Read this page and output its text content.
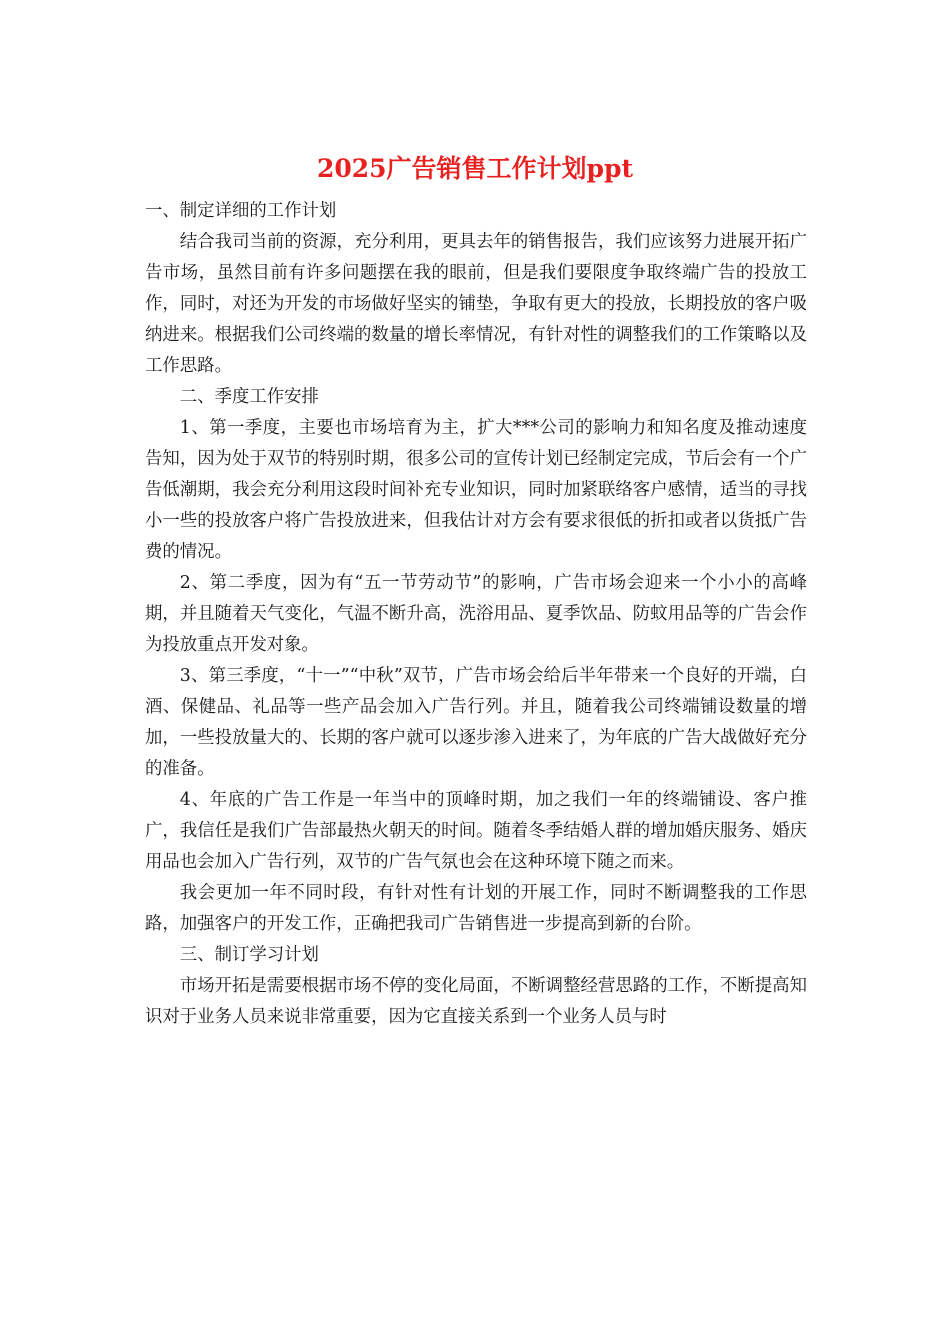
2025广告销售工作计划ppt

一、制定详细的工作计划

结合我司当前的资源，充分利用，更具去年的销售报告，我们应该努力进展开拓广告市场，虽然目前有许多问题摆在我的眼前，但是我们要限度争取终端广告的投放工作，同时，对还为开发的市场做好坚实的铺垫，争取有更大的投放，长期投放的客户吸纳进来。根据我们公司终端的数量的增长率情况，有针对性的调整我们的工作策略以及工作思路。

二、季度工作安排

1、第一季度，主要也市场培育为主，扩大***公司的影响力和知名度及推动速度告知，因为处于双节的特别时期，很多公司的宣传计划已经制定完成，节后会有一个广告低潮期，我会充分利用这段时间补充专业知识，同时加紧联络客户感情，适当的寻找小一些的投放客户将广告投放进来，但我估计对方会有要求很低的折扣或者以货抵广告费的情况。

2、第二季度，因为有“五一节劳动节”的影响，广告市场会迎来一个小小的高峰期，并且随着天气变化，气温不断升高，洗浴用品、夏季饮品、防蚊用品等的广告会作为投放重点开发对象。

3、第三季度，“十一”“中秋”双节，广告市场会给后半年带来一个良好的开端，白酒、保健品、礼品等一些产品会加入广告行列。并且，随着我公司终端铺设数量的增加，一些投放量大的、长期的客户就可以逐步渗入进来了，为年底的广告大战做好充分的准备。

4、年底的广告工作是一年当中的顶峰时期，加之我们一年的终端铺设、客户推广，我信任是我们广告部最热火朝天的时间。随着冬季结婚人群的增加婚庆服务、婚庆用品也会加入广告行列，双节的广告气氛也会在这种环境下随之而来。

我会更加一年不同时段，有针对性有计划的开展工作，同时不断调整我的工作思路，加强客户的开发工作，正确把我司广告销售进一步提高到新的台阶。

三、制订学习计划

市场开拓是需要根据市场不停的变化局面，不断调整经营思路的工作，不断提高知识对于业务人员来说非常重要，因为它直接关系到一个业务人员与时
